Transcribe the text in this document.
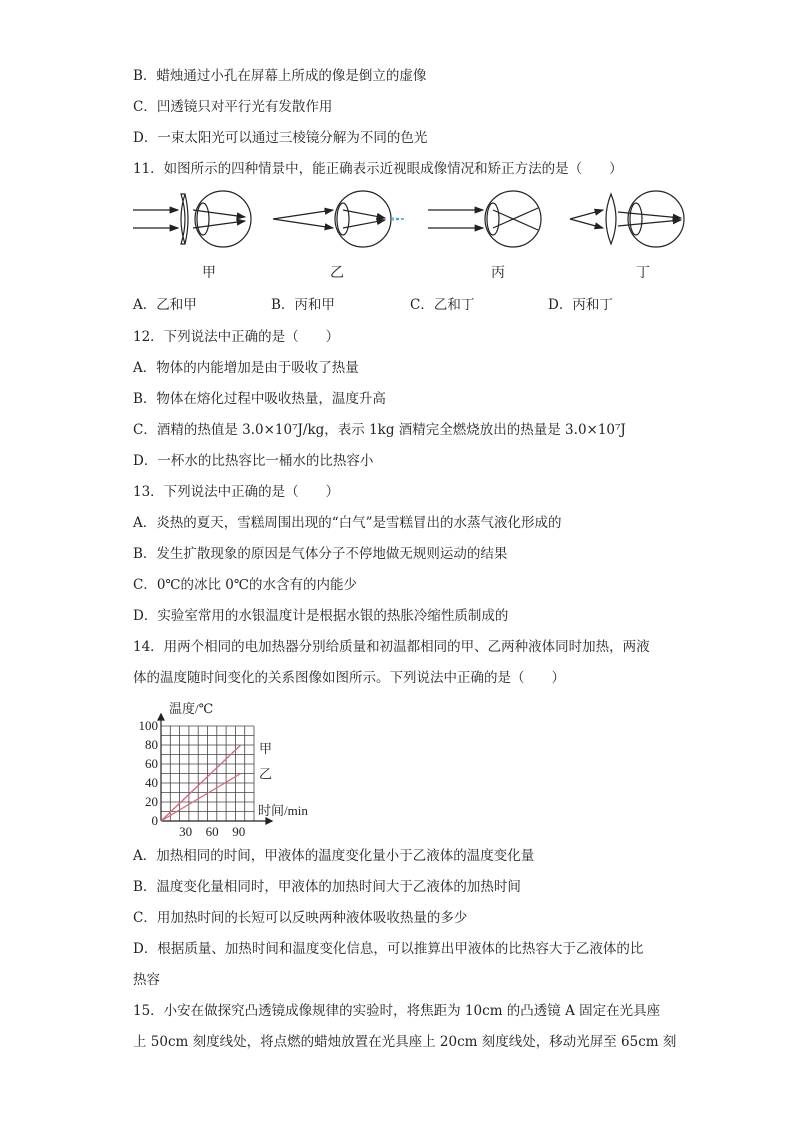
B．蜡烛通过小孔在屏幕上所成的像是倒立的虚像
C．凹透镜只对平行光有发散作用
D．一束太阳光可以通过三棱镜分解为不同的色光
11．如图所示的四种情景中，能正确表示近视眼成像情况和矫正方法的是（　　）
甲	乙	丙	丁
A．乙和甲	B．丙和甲	C．乙和丁	D．丙和丁
12．下列说法中正确的是（　　）
A．物体的内能增加是由于吸收了热量
B．物体在熔化过程中吸收热量，温度升高
C．酒精的热值是 3.0×10⁷J/kg，表示 1kg 酒精完全燃烧放出的热量是 3.0×10⁷J
D．一杯水的比热容比一桶水的比热容小
13．下列说法中正确的是（　　）
A．炎热的夏天，雪糕周围出现的“白气”是雪糕冒出的水蒸气液化形成的
B．发生扩散现象的原因是气体分子不停地做无规则运动的结果
C．0℃的冰比 0℃的水含有的内能少
D．实验室常用的水银温度计是根据水银的热胀冷缩性质制成的
14．用两个相同的电加热器分别给质量和初温都相同的甲、乙两种液体同时加热，两液
体的温度随时间变化的关系图像如图所示。下列说法中正确的是（　　）
100
80
60
40
20
0
30 60 90
温度/℃
时间/min
甲
乙
A．加热相同的时间，甲液体的温度变化量小于乙液体的温度变化量
B．温度变化量相同时，甲液体的加热时间大于乙液体的加热时间
C．用加热时间的长短可以反映两种液体吸收热量的多少
D．根据质量、加热时间和温度变化信息，可以推算出甲液体的比热容大于乙液体的比
热容
15．小安在做探究凸透镜成像规律的实验时，将焦距为 10cm 的凸透镜 A 固定在光具座
上 50cm 刻度线处，将点燃的蜡烛放置在光具座上 20cm 刻度线处，移动光屏至 65cm 刻
